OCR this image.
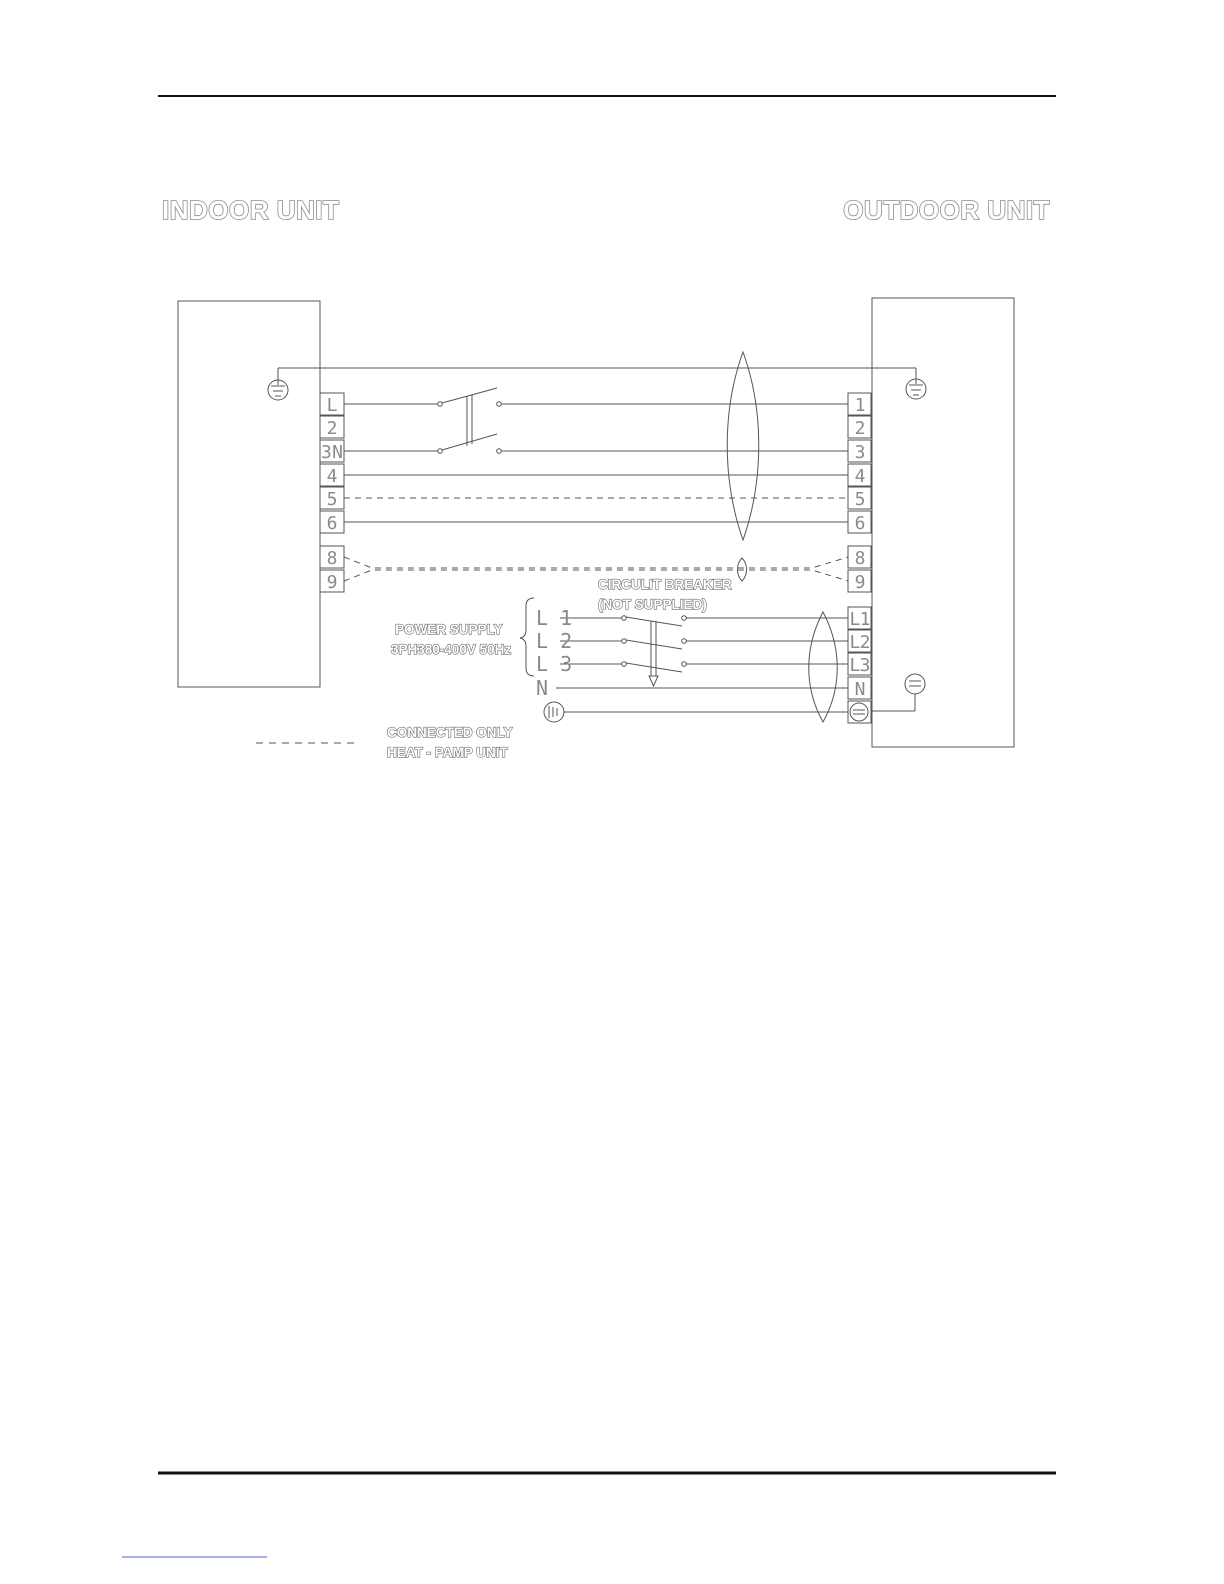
INDOOR UNIT	OUTDOOR UNIT
L
2
3N
4
5
6
8
9
1
2
3
4
5
6
8
9
L1
L2
L3
N
L 1
L 2
L 3
N
POWER SUPPLY
3PH380-400V 50Hz
CIRCULIT BREAKER
(NOT SUPPLIED)
CONNECTED ONLY
HEAT - PAMP UNIT
